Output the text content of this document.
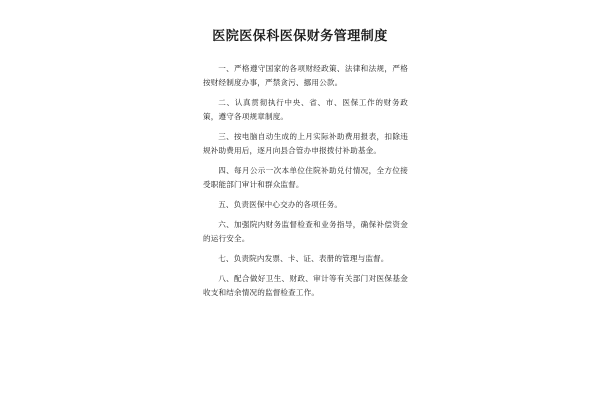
医院医保科医保财务管理制度

一、严格遵守国家的各项财经政策、法律和法规，严格按财经制度办事，严禁贪污、挪用公款。

二、认真贯彻执行中央、省、市、医保工作的财务政策，遵守各项规章制度。

三、按电脑自动生成的上月实际补助费用报表，扣除违规补助费用后，逐月向县合管办申报拨付补助基金。

四、每月公示一次本单位住院补助兑付情况，全方位接受职能部门审计和群众监督。

五、负责医保中心交办的各项任务。

六、加强院内财务监督检查和业务指导，确保补偿资金的运行安全。

七、负责院内发票、卡、证、表册的管理与监督。

八、配合做好卫生、财政、审计等有关部门对医保基金收支和结余情况的监督检查工作。
